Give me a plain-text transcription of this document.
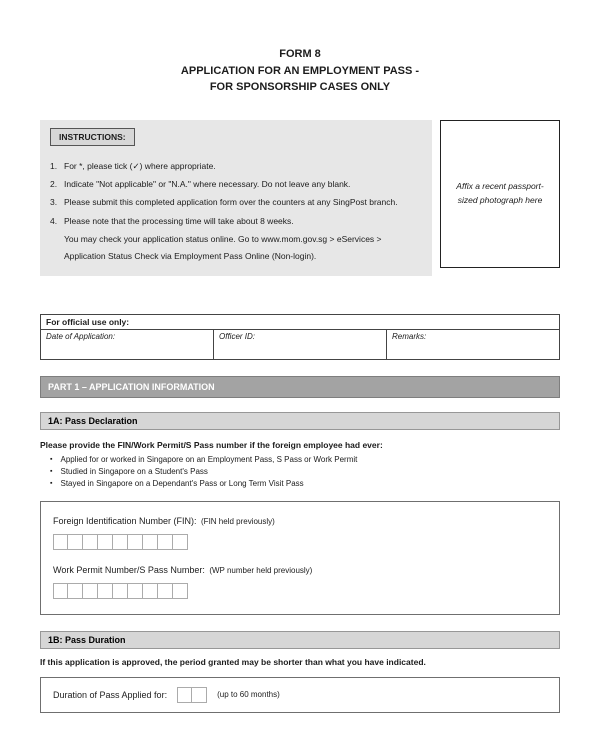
FORM 8
APPLICATION FOR AN EMPLOYMENT PASS -
FOR SPONSORSHIP CASES ONLY
INSTRUCTIONS:
1. For *, please tick (✓) where appropriate.
2. Indicate "Not applicable" or "N.A." where necessary. Do not leave any blank.
3. Please submit this completed application form over the counters at any SingPost branch.
4. Please note that the processing time will take about 8 weeks.
You may check your application status online. Go to www.mom.gov.sg > eServices > Application Status Check via Employment Pass Online (Non-login).
Affix a recent passport-sized photograph here
For official use only:
Date of Application:	Officer ID:	Remarks:
PART 1 – APPLICATION INFORMATION
1A: Pass Declaration
Please provide the FIN/Work Permit/S Pass number if the foreign employee had ever:
▪ Applied for or worked in Singapore on an Employment Pass, S Pass or Work Permit
▪ Studied in Singapore on a Student's Pass
▪ Stayed in Singapore on a Dependant's Pass or Long Term Visit Pass
Foreign Identification Number (FIN): (FIN held previously)
Work Permit Number/S Pass Number: (WP number held previously)
1B: Pass Duration
If this application is approved, the period granted may be shorter than what you have indicated.
Duration of Pass Applied for:	(up to 60 months)
